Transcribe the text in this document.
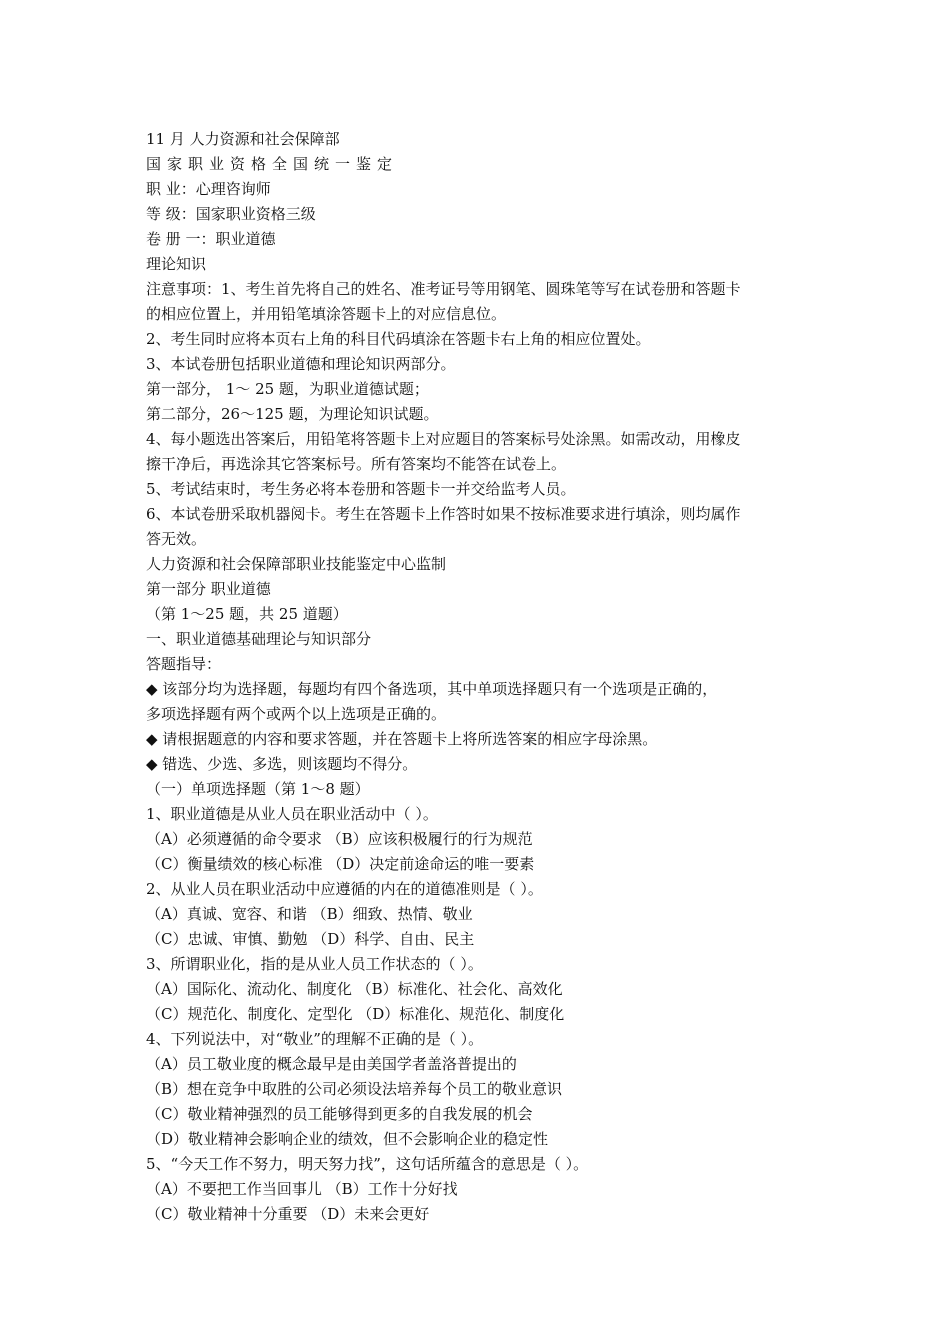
11 月 人力资源和社会保障部
国家职业资格全国统一鉴定
职 业：心理咨询师
等 级：国家职业资格三级
卷 册 一：职业道德
理论知识
注意事项：1、考生首先将自己的姓名、准考证号等用钢笔、圆珠笔等写在试卷册和答题卡
的相应位置上，并用铅笔填涂答题卡上的对应信息位。
2、考生同时应将本页右上角的科目代码填涂在答题卡右上角的相应位置处。
3、本试卷册包括职业道德和理论知识两部分。
第一部分， 1～ 25 题，为职业道德试题；
第二部分，26～125 题，为理论知识试题。
4、每小题选出答案后，用铅笔将答题卡上对应题目的答案标号处涂黑。如需改动，用橡皮
擦干净后，再选涂其它答案标号。所有答案均不能答在试卷上。
5、考试结束时，考生务必将本卷册和答题卡一并交给监考人员。
6、本试卷册采取机器阅卡。考生在答题卡上作答时如果不按标准要求进行填涂，则均属作
答无效。
人力资源和社会保障部职业技能鉴定中心监制
第一部分 职业道德
（第 1～25 题，共 25 道题）
一、职业道德基础理论与知识部分
答题指导：
◆ 该部分均为选择题，每题均有四个备选项，其中单项选择题只有一个选项是正确的，
多项选择题有两个或两个以上选项是正确的。
◆ 请根据题意的内容和要求答题，并在答题卡上将所选答案的相应字母涂黑。
◆ 错选、少选、多选，则该题均不得分。
（一）单项选择题（第 1～8 题）
1、职业道德是从业人员在职业活动中（ ）。
（A）必须遵循的命令要求 （B）应该积极履行的行为规范
（C）衡量绩效的核心标准 （D）决定前途命运的唯一要素
2、从业人员在职业活动中应遵循的内在的道德准则是（ ）。
（A）真诚、宽容、和谐 （B）细致、热情、敬业
（C）忠诚、审慎、勤勉 （D）科学、自由、民主
3、所谓职业化，指的是从业人员工作状态的（ ）。
（A）国际化、流动化、制度化 （B）标准化、社会化、高效化
（C）规范化、制度化、定型化 （D）标准化、规范化、制度化
4、下列说法中，对“敬业”的理解不正确的是（ ）。
（A）员工敬业度的概念最早是由美国学者盖洛普提出的
（B）想在竞争中取胜的公司必须设法培养每个员工的敬业意识
（C）敬业精神强烈的员工能够得到更多的自我发展的机会
（D）敬业精神会影响企业的绩效，但不会影响企业的稳定性
5、“今天工作不努力，明天努力找”，这句话所蕴含的意思是（ ）。
（A）不要把工作当回事儿 （B）工作十分好找
（C）敬业精神十分重要 （D）未来会更好
